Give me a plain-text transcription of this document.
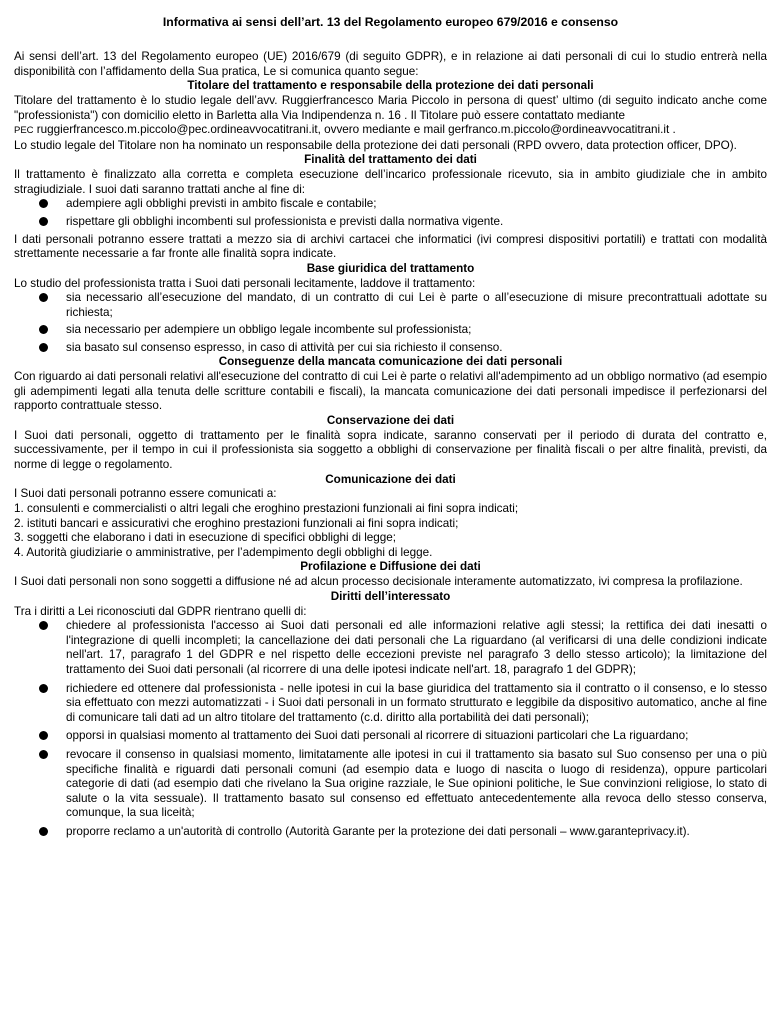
Informativa ai sensi dell’art. 13 del Regolamento europeo 679/2016 e consenso

Ai sensi dell’art. 13 del Regolamento europeo (UE) 2016/679 (di seguito GDPR), e in relazione ai dati personali di cui lo studio entrerà nella disponibilità con l’affidamento della Sua pratica, Le si comunica quanto segue:

Titolare del trattamento e responsabile della protezione dei dati personali

Titolare del trattamento è lo studio legale dell’avv. Ruggierfrancesco Maria Piccolo in persona di quest’ ultimo (di seguito indicato anche come "professionista") con domicilio eletto in Barletta alla Via Indipendenza n. 16 . Il Titolare può essere contattato mediante
PEC ruggierfrancesco.m.piccolo@pec.ordineavvocatitrani.it, ovvero mediante e mail gerfranco.m.piccolo@ordineavvocatitrani.it .

Lo studio legale del Titolare non ha nominato un responsabile della protezione dei dati personali (RPD ovvero, data protection officer, DPO).

Finalità del trattamento dei dati

Il trattamento è finalizzato alla corretta e completa esecuzione dell’incarico professionale ricevuto, sia in ambito giudiziale che in ambito stragiudiziale. I suoi dati saranno trattati anche al fine di:

adempiere agli obblighi previsti in ambito fiscale e contabile;
rispettare gli obblighi incombenti sul professionista e previsti dalla normativa vigente.

I dati personali potranno essere trattati a mezzo sia di archivi cartacei che informatici (ivi compresi dispositivi portatili) e trattati con modalità strettamente necessarie a far fronte alle finalità sopra indicate.

Base giuridica del trattamento

Lo studio del professionista tratta i Suoi dati personali lecitamente, laddove il trattamento:

sia necessario all’esecuzione del mandato, di un contratto di cui Lei è parte o all’esecuzione di misure precontrattuali adottate su richiesta;
sia necessario per adempiere un obbligo legale incombente sul professionista;
sia basato sul consenso espresso, in caso di attività per cui sia richiesto il consenso.
Conseguenze della mancata comunicazione dei dati personali

Con riguardo ai dati personali relativi all'esecuzione del contratto di cui Lei è parte o relativi all'adempimento ad un obbligo normativo (ad esempio gli adempimenti legati alla tenuta delle scritture contabili e fiscali), la mancata comunicazione dei dati personali impedisce il perfezionarsi del rapporto contrattuale stesso.

Conservazione dei dati

I Suoi dati personali, oggetto di trattamento per le finalità sopra indicate, saranno conservati per il periodo di durata del contratto e, successivamente, per il tempo in cui il professionista sia soggetto a obblighi di conservazione per finalità fiscali o per altre finalità, previsti, da norme di legge o regolamento.

Comunicazione dei dati

I Suoi dati personali potranno essere comunicati a:

1. consulenti e commercialisti o altri legali che eroghino prestazioni funzionali ai fini sopra indicati;
2. istituti bancari e assicurativi che eroghino prestazioni funzionali ai fini sopra indicati;
3. soggetti che elaborano i dati in esecuzione di specifici obblighi di legge;
4. Autorità giudiziarie o amministrative, per l’adempimento degli obblighi di legge.
Profilazione e Diffusione dei dati

I Suoi dati personali non sono soggetti a diffusione né ad alcun processo decisionale interamente automatizzato, ivi compresa la profilazione.

Diritti dell’interessato

Tra i diritti a Lei riconosciuti dal GDPR rientrano quelli di:

chiedere al professionista l'accesso ai Suoi dati personali ed alle informazioni relative agli stessi; la rettifica dei dati inesatti o l'integrazione di quelli incompleti; la cancellazione dei dati personali che La riguardano (al verificarsi di una delle condizioni indicate nell'art. 17, paragrafo 1 del GDPR e nel rispetto delle eccezioni previste nel paragrafo 3 dello stesso articolo); la limitazione del trattamento dei Suoi dati personali (al ricorrere di una delle ipotesi indicate nell'art. 18, paragrafo 1 del GDPR);
richiedere ed ottenere dal professionista - nelle ipotesi in cui la base giuridica del trattamento sia il contratto o il consenso, e lo stesso sia effettuato con mezzi automatizzati - i Suoi dati personali in un formato strutturato e leggibile da dispositivo automatico, anche al fine di comunicare tali dati ad un altro titolare del trattamento (c.d. diritto alla portabilità dei dati personali);
opporsi in qualsiasi momento al trattamento dei Suoi dati personali al ricorrere di situazioni particolari che La riguardano;
revocare il consenso in qualsiasi momento, limitatamente alle ipotesi in cui il trattamento sia basato sul Suo consenso per una o più specifiche finalità e riguardi dati personali comuni (ad esempio data e luogo di nascita o luogo di residenza), oppure particolari categorie di dati (ad esempio dati che rivelano la Sua origine razziale, le Sue opinioni politiche, le Sue convinzioni religiose, lo stato di salute o la vita sessuale). Il trattamento basato sul consenso ed effettuato antecedentemente alla revoca dello stesso conserva, comunque, la sua liceità;
proporre reclamo a un'autorità di controllo (Autorità Garante per la protezione dei dati personali – www.garanteprivacy.it).
